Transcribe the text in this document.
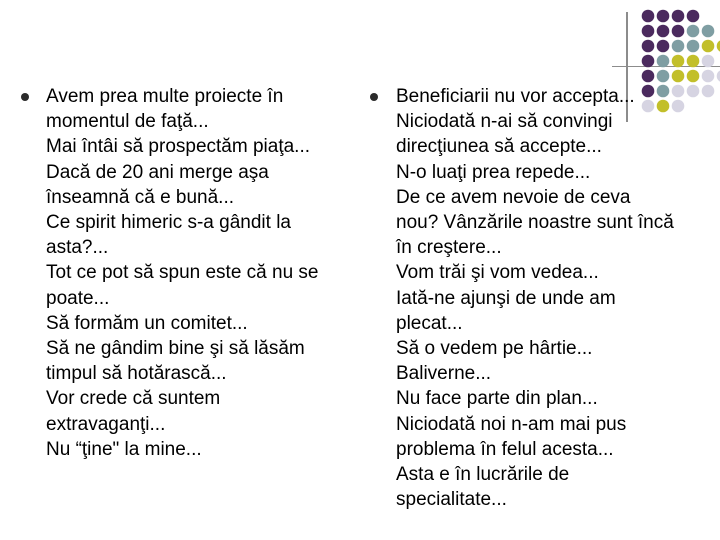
Avem prea multe proiecte în
momentul de faţă...
Mai întâi să prospectăm piaţa...
Dacă de 20 ani merge aşa
înseamnă că e bună...
Ce spirit himeric s-a gândit la
asta?...
Tot ce pot să spun este că nu se
poate...
Să formăm un comitet...
Să ne gândim bine şi să lăsăm
timpul să hotărască...
Vor crede că suntem
extravaganţi...
Nu “ţine" la mine...
Beneficiarii nu vor accepta...
Niciodată n-ai să convingi
direcţiunea să accepte...
N-o luaţi prea repede...
De ce avem nevoie de ceva
nou? Vânzările noastre sunt încă
în creştere...
Vom trăi şi vom vedea...
Iată-ne ajunşi de unde am
plecat...
Să o vedem pe hârtie...
Baliverne...
Nu face parte din plan...
Niciodată noi n-am mai pus
problema în felul acesta...
Asta e în lucrările de
specialitate...
